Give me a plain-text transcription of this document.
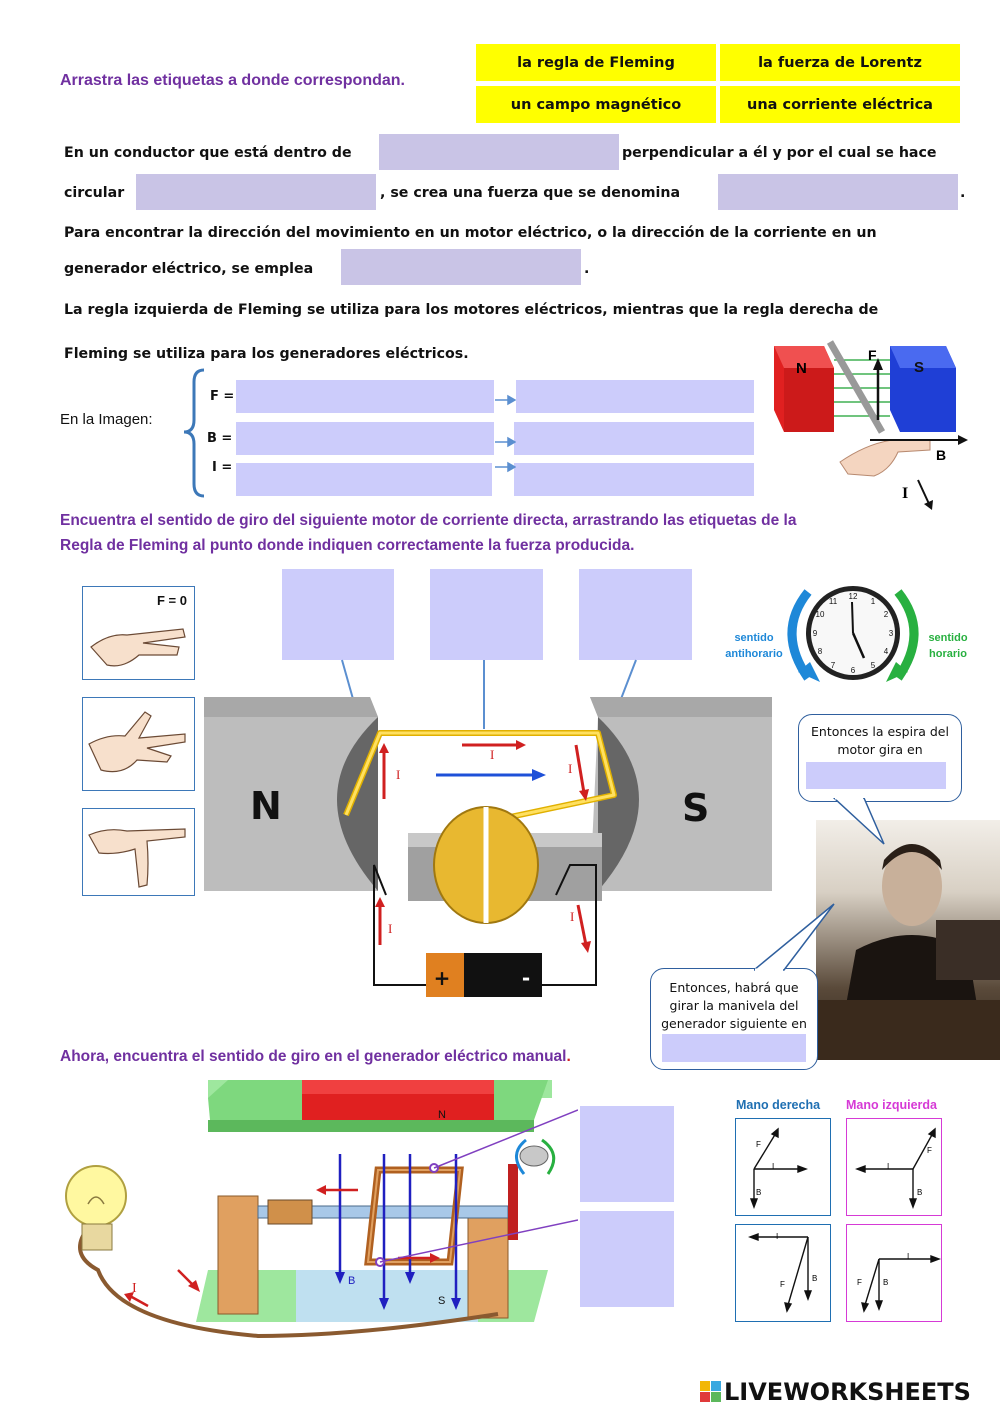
Arrastra las etiquetas a donde correspondan.
la regla de Fleming	la fuerza de Lorentz
un campo magnético	una corriente eléctrica
En un conductor que está dentro de	perpendicular a él y por el cual se hace
circular	, se crea una fuerza que se denomina	.
Para encontrar la dirección del movimiento en un motor eléctrico, o la dirección de la corriente en un
generador eléctrico, se emplea	.
La regla izquierda de Fleming se utiliza para los motores eléctricos, mientras que la regla derecha de
Fleming se utiliza para los generadores eléctricos.
En la Imagen:
F =
B =
I =
N	S
F
B
I
Encuentra el sentido de giro del siguiente motor de corriente directa, arrastrando las etiquetas de la
Regla de Fleming al punto donde indiquen correctamente la fuerza producida.
F = 0	12
1
2
3
4
5
6
7
8
9
10
11
sentido antihorario
sentido horario
N	S
+	-
I
I	I
I
I
Entonces la espira del motor gira en
Entonces, habrá que girar la manivela del generador siguiente en
Ahora, encuentra el sentido de giro en el generador eléctrico manual.
N
S
B
I
Mano derecha Mano izquierda
B
I
F
B
I
F
I
F
B
I
F	B
LIVEWORKSHEETS
